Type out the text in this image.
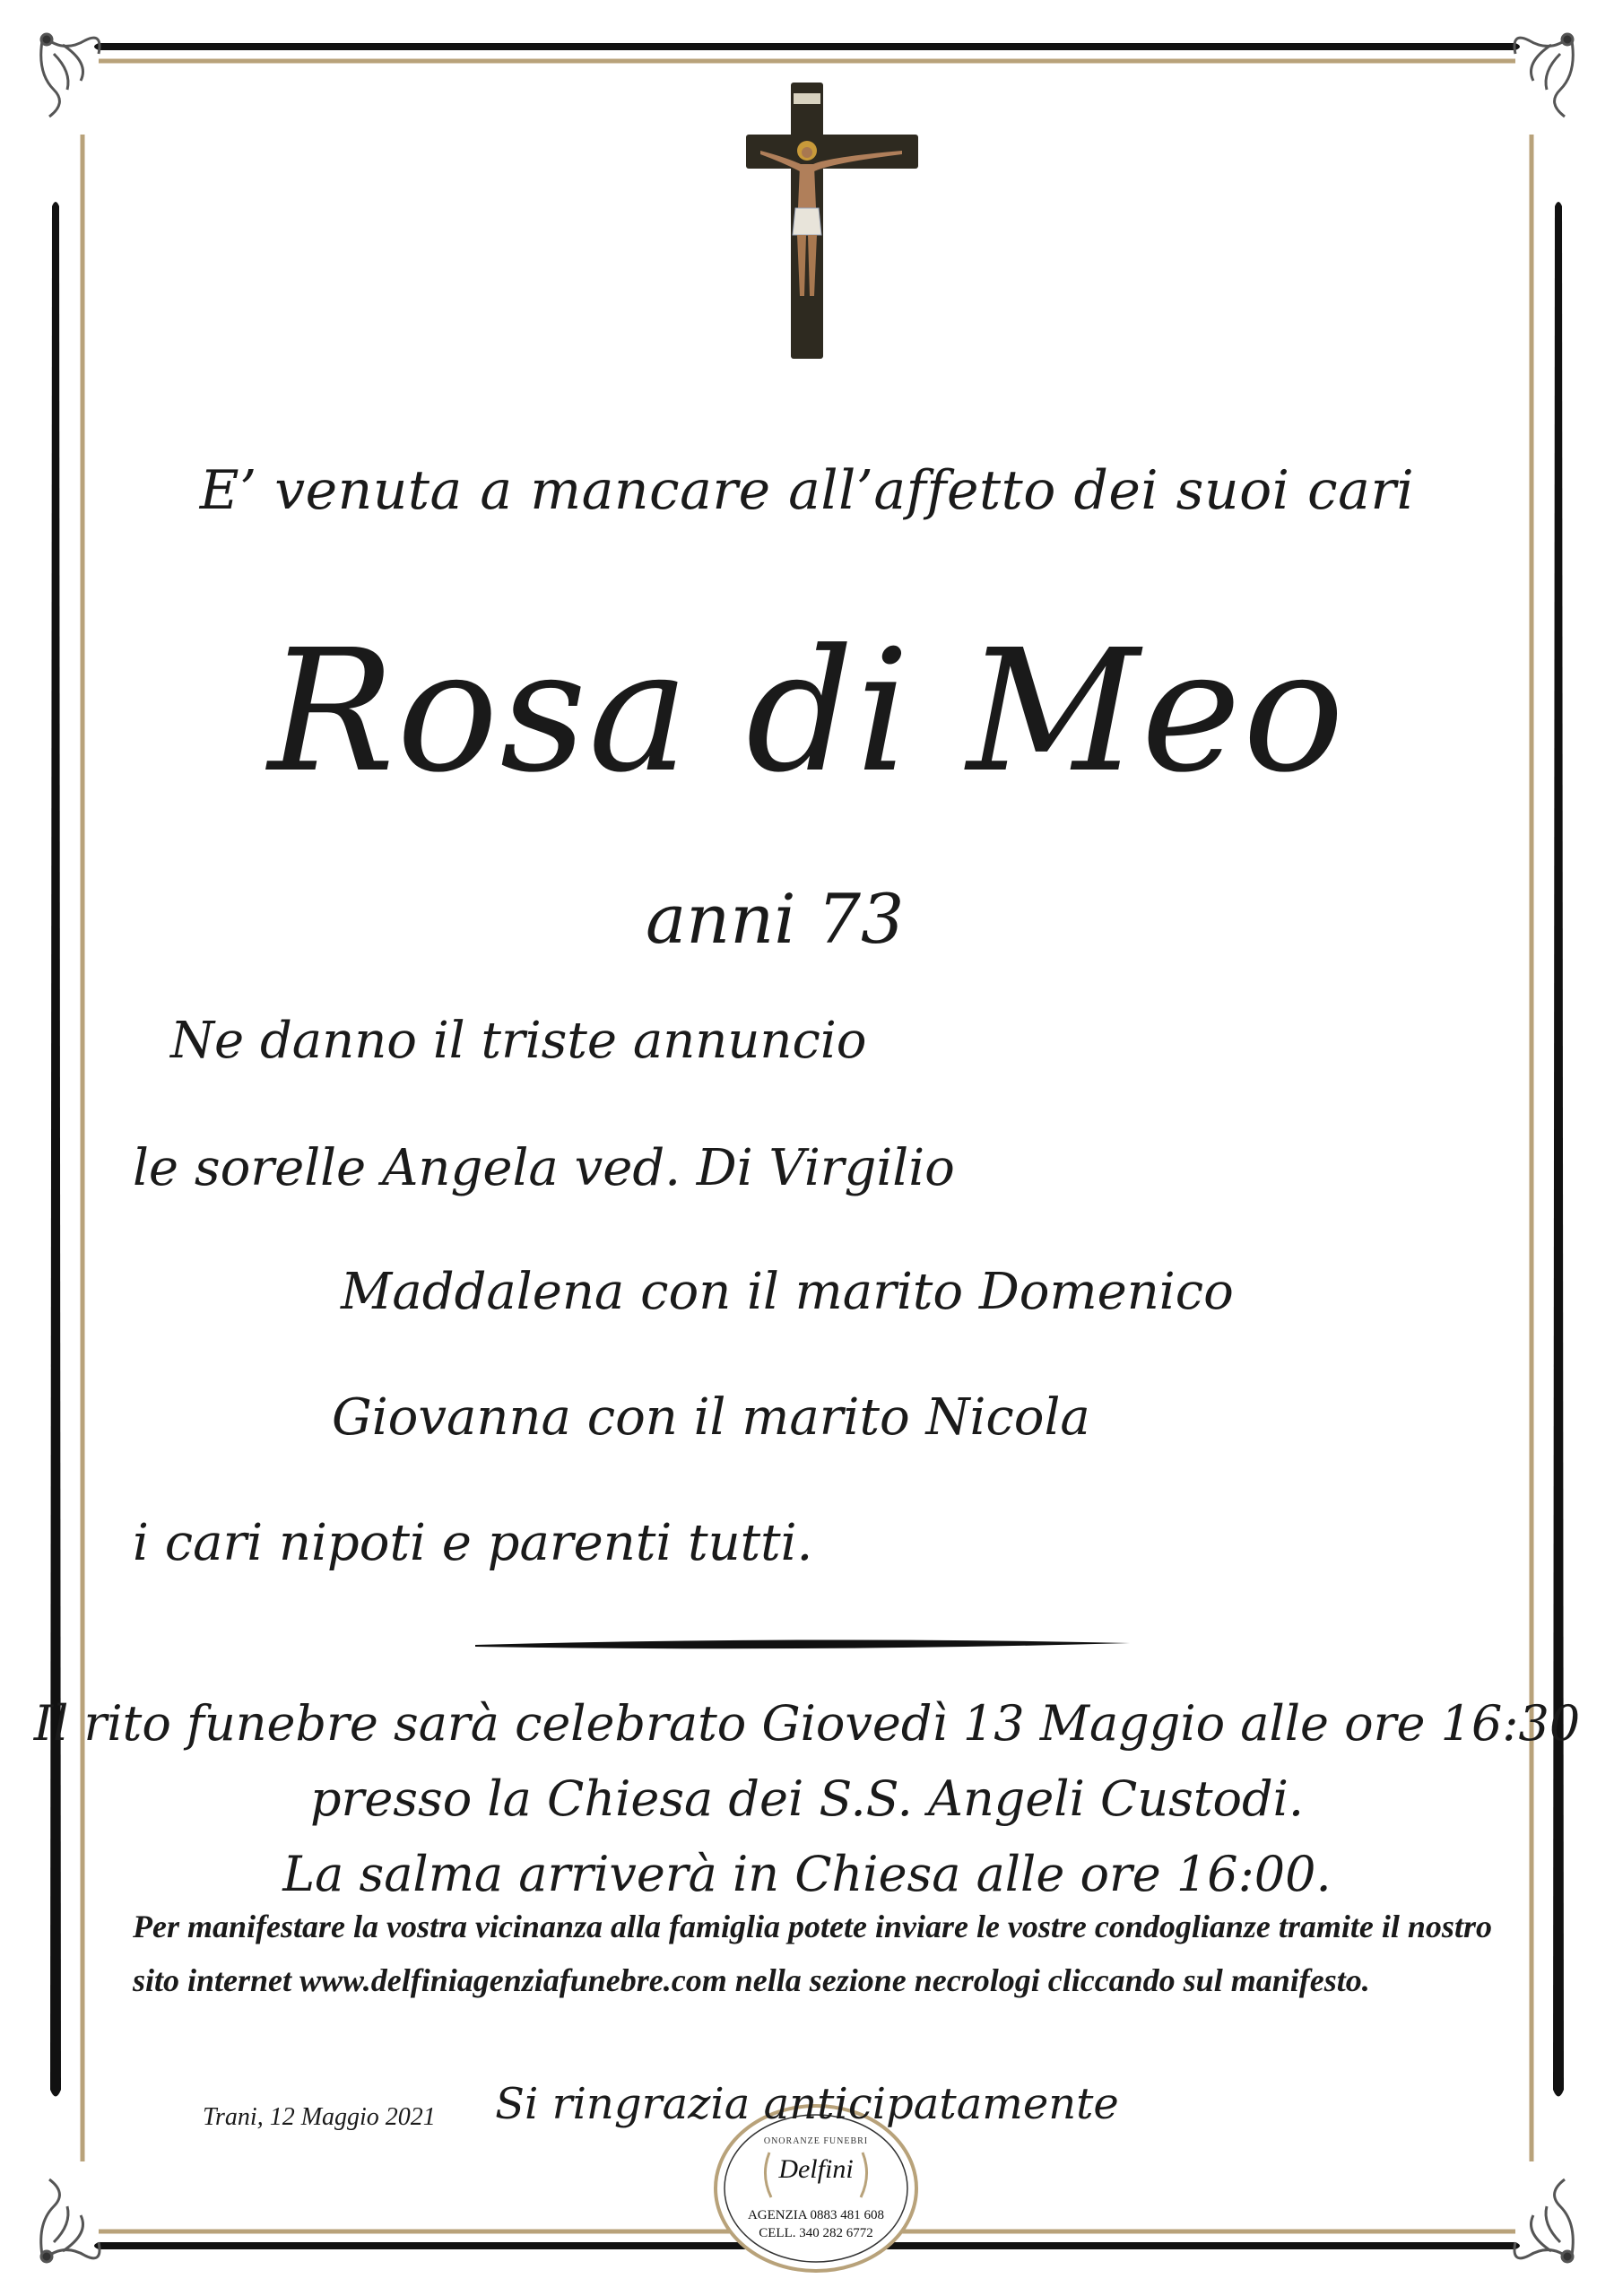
E’ venuta a mancare all’affetto dei suoi cari
Rosa di Meo
anni 73
Ne danno il triste annuncio
le sorelle Angela ved. Di Virgilio
Maddalena con il marito Domenico
Giovanna con il marito Nicola
i cari nipoti e parenti tutti.
Il rito funebre sarà celebrato Giovedì 13 Maggio alle ore 16:30
presso la Chiesa dei S.S. Angeli Custodi.
La salma arriverà in Chiesa alle ore 16:00.
Per manifestare la vostra vicinanza alla famiglia potete inviare le vostre condoglianze tramite il nostro sito internet www.delfiniagenziafunebre.com nella sezione necrologi cliccando sul manifesto.
Si ringrazia anticipatamente
Trani, 12 Maggio 2021
ONORANZE FUNEBRI
Delfini
AGENZIA 0883 481 608
CELL. 340 282 6772
